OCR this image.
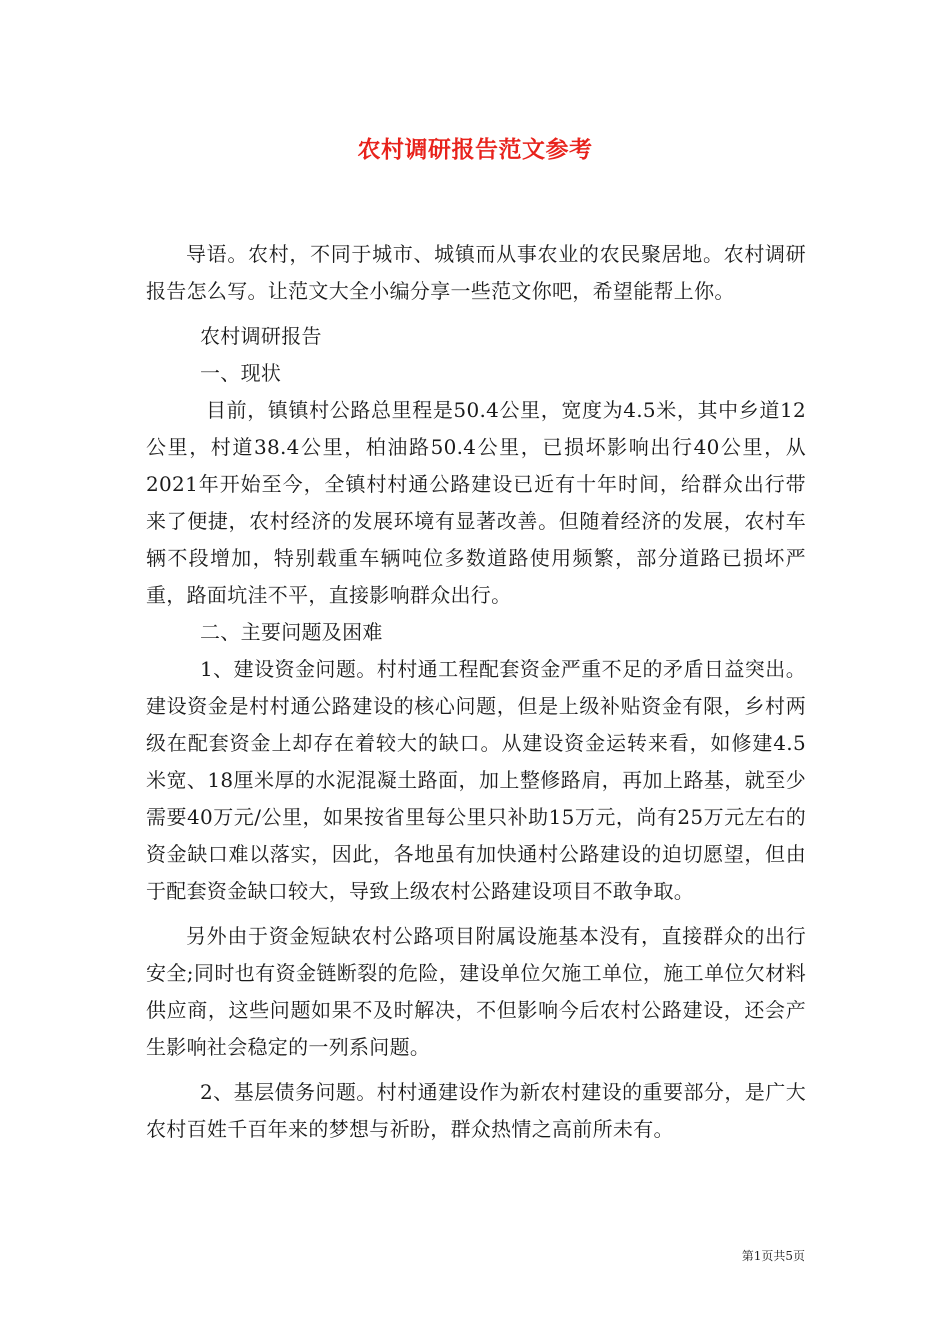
农村调研报告范文参考

导语。农村，不同于城市、城镇而从事农业的农民聚居地。农村调研报告怎么写。让范文大全小编分享一些范文你吧，希望能帮上你。

农村调研报告

一、现状

目前，镇镇村公路总里程是50.4公里，宽度为4.5米，其中乡道12公里，村道38.4公里，柏油路50.4公里，已损坏影响出行40公里，从2021年开始至今，全镇村村通公路建设已近有十年时间，给群众出行带来了便捷，农村经济的发展环境有显著改善。但随着经济的发展，农村车辆不段增加，特别载重车辆吨位多数道路使用频繁，部分道路已损坏严重，路面坑洼不平，直接影响群众出行。

二、主要问题及困难

1、建设资金问题。村村通工程配套资金严重不足的矛盾日益突出。建设资金是村村通公路建设的核心问题，但是上级补贴资金有限，乡村两级在配套资金上却存在着较大的缺口。从建设资金运转来看，如修建4.5米宽、18厘米厚的水泥混凝土路面，加上整修路肩，再加上路基，就至少需要40万元/公里，如果按省里每公里只补助15万元，尚有25万元左右的资金缺口难以落实，因此，各地虽有加快通村公路建设的迫切愿望，但由于配套资金缺口较大，导致上级农村公路建设项目不敢争取。

另外由于资金短缺农村公路项目附属设施基本没有，直接群众的出行安全;同时也有资金链断裂的危险，建设单位欠施工单位，施工单位欠材料供应商，这些问题如果不及时解决，不但影响今后农村公路建设，还会产生影响社会稳定的一列系问题。

2、基层债务问题。村村通建设作为新农村建设的重要部分，是广大农村百姓千百年来的梦想与祈盼，群众热情之高前所未有。

第1页共5页
